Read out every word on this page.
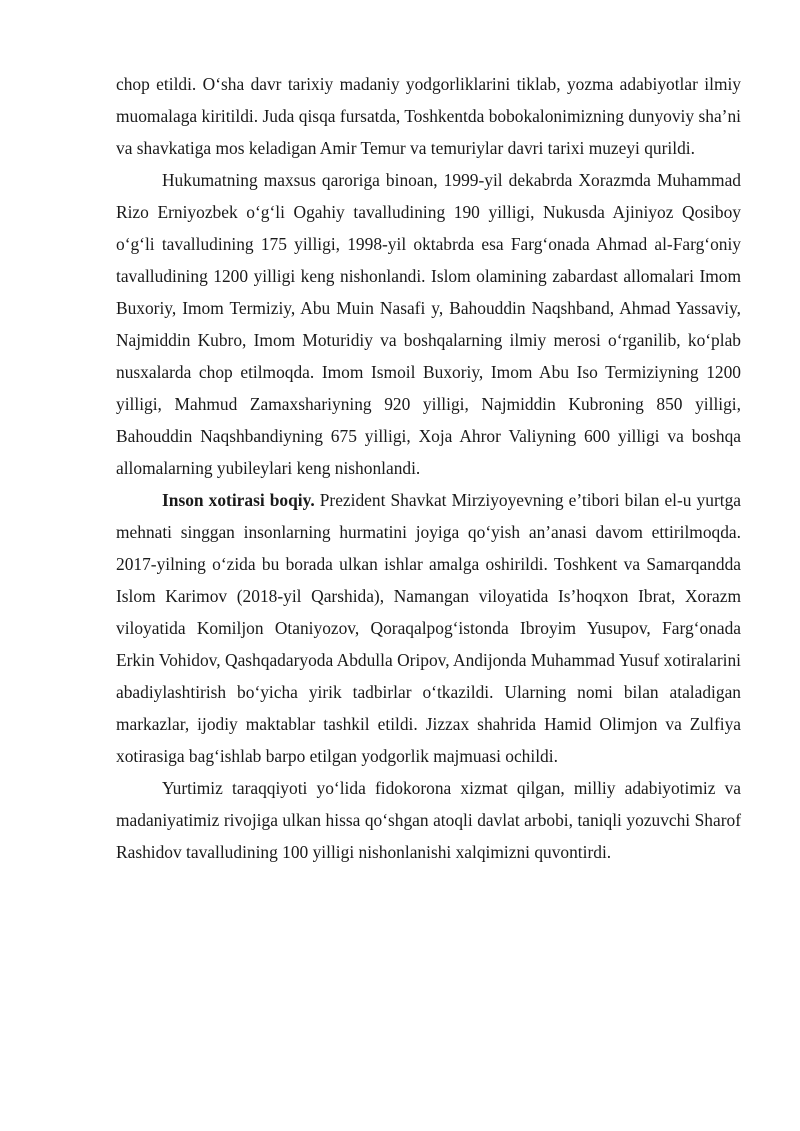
chop etildi. O‘sha davr tarixiy madaniy yodgorliklarini tiklab, yozma adabiyotlar ilmiy muomalaga kiritildi. Juda qisqa fursatda, Toshkentda bobokalonimizning dunyoviy sha’ni va shavkatiga mos keladigan Amir Temur va temuriylar davri tarixi muzeyi qurildi.

Hukumatning maxsus qaroriga binoan, 1999-yil dekabrda Xorazmda Muhammad Rizo Erniyozbek o‘g‘li Ogahiy tavalludining 190 yilligi, Nukusda Ajiniyoz Qosiboy o‘g‘li tavalludining 175 yilligi, 1998-yil oktabrda esa Farg‘onada Ahmad al-Farg‘oniy tavalludining 1200 yilligi keng nishonlandi. Islom olamining zabardast allomalari Imom Buxoriy, Imom Termiziy, Abu Muin Nasafi y, Bahouddin Naqshband, Ahmad Yassaviy, Najmiddin Kubro, Imom Moturidiy va boshqalarning ilmiy merosi o‘rganilib, ko‘plab nusxalarda chop etilmoqda. Imom Ismoil Buxoriy, Imom Abu Iso Termiziyning 1200 yilligi, Mahmud Zamaxshariyning 920 yilligi, Najmiddin Kubroning 850 yilligi, Bahouddin Naqshbandiyning 675 yilligi, Xoja Ahror Valiyning 600 yilligi va boshqa allomalarning yubileylari keng nishonlandi.

Inson xotirasi boqiy. Prezident Shavkat Mirziyoyevning e’tibori bilan el-u yurtga mehnati singgan insonlarning hurmatini joyiga qo‘yish an’anasi davom ettirilmoqda. 2017-yilning o‘zida bu borada ulkan ishlar amalga oshirildi. Toshkent va Samarqandda Islom Karimov (2018-yil Qarshida), Namangan viloyatida Is’hoqxon Ibrat, Xorazm viloyatida Komiljon Otaniyozov, Qoraqalpog‘istonda Ibroyim Yusupov, Farg‘onada Erkin Vohidov, Qashqadaryoda Abdulla Oripov, Andijonda Muhammad Yusuf xotiralarini abadiylashtirish bo‘yicha yirik tadbirlar o‘tkazildi. Ularning nomi bilan ataladigan markazlar, ijodiy maktablar tashkil etildi. Jizzax shahrida Hamid Olimjon va Zulfiya xotirasiga bag‘ishlab barpo etilgan yodgorlik majmuasi ochildi.

Yurtimiz taraqqiyoti yo‘lida fidokorona xizmat qilgan, milliy adabiyotimiz va madaniyatimiz rivojiga ulkan hissa qo‘shgan atoqli davlat arbobi, taniqli yozuvchi Sharof Rashidov tavalludining 100 yilligi nishonlanishi xalqimizni quvontirdi.
